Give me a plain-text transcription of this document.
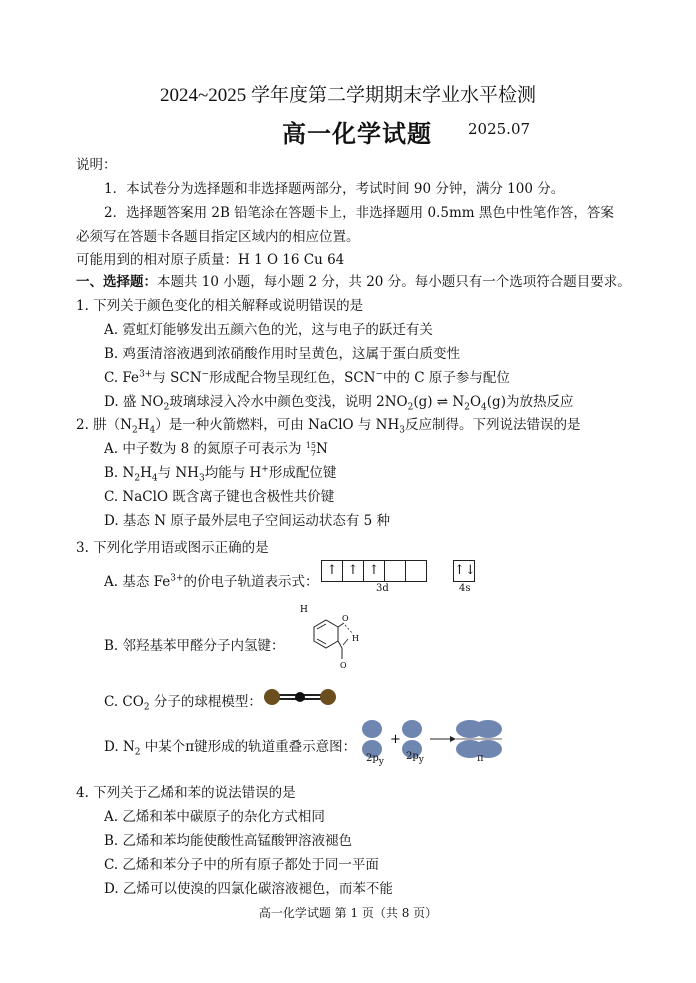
2024~2025 学年度第二学期期末学业水平检测
高一化学试题 2025.07
说明：
1．本试卷分为选择题和非选择题两部分，考试时间 90 分钟，满分 100 分。
2．选择题答案用 2B 铅笔涂在答题卡上，非选择题用 0.5mm 黑色中性笔作答，答案
必须写在答题卡各题目指定区域内的相应位置。
可能用到的相对原子质量：H 1 O 16 Cu 64
一、选择题：本题共 10 小题，每小题 2 分，共 20 分。每小题只有一个选项符合题目要求。
1. 下列关于颜色变化的相关解释或说明错误的是
A. 霓虹灯能够发出五颜六色的光，这与电子的跃迁有关
B. 鸡蛋清溶液遇到浓硝酸作用时呈黄色，这属于蛋白质变性
C. $Fe^{3+}$与 SCN−形成配合物呈现红色，SCN−中的 C 原子参与配位
D. 盛 $NO_2$玻璃球浸入冷水中颜色变浅，说明 $2NO_2(g)$ ⇌ $N_2O_4(g)$为放热反应
2. 肼$(N_2H_4)$是一种火箭燃料，可由 NaClO 与 $NH_3$反应制得。下列说法错误的是
A. 中子数为 8 的氮原子可表示为 15
7N
B. $N_2H_4$与 $NH_3$均能与 H+形成配位键
C. NaClO 既含离子键也含极性共价键
D. 基态 N 原子最外层电子空间运动状态有 5 种
3. 下列化学用语或图示正确的是
A. 基态 $Fe^{3+}$的价电子轨道表示式：
↑ ↑ ↑	↑↓
3d	4s
B. 邻羟基苯甲醛分子内氢键：
O
H
O
H
C. $CO_2$ 分子的球棍模型：
D. $N_2$ 中某个π键形成的轨道重叠示意图：	+
$2p_y$ $2p_y$	π
4. 下列关于乙烯和苯的说法错误的是
A. 乙烯和苯中碳原子的杂化方式相同
B. 乙烯和苯均能使酸性高锰酸钾溶液褪色
C. 乙烯和苯分子中的所有原子都处于同一平面
D. 乙烯可以使溴的四氯化碳溶液褪色，而苯不能
高一化学试题 第 1 页（共 8 页）
